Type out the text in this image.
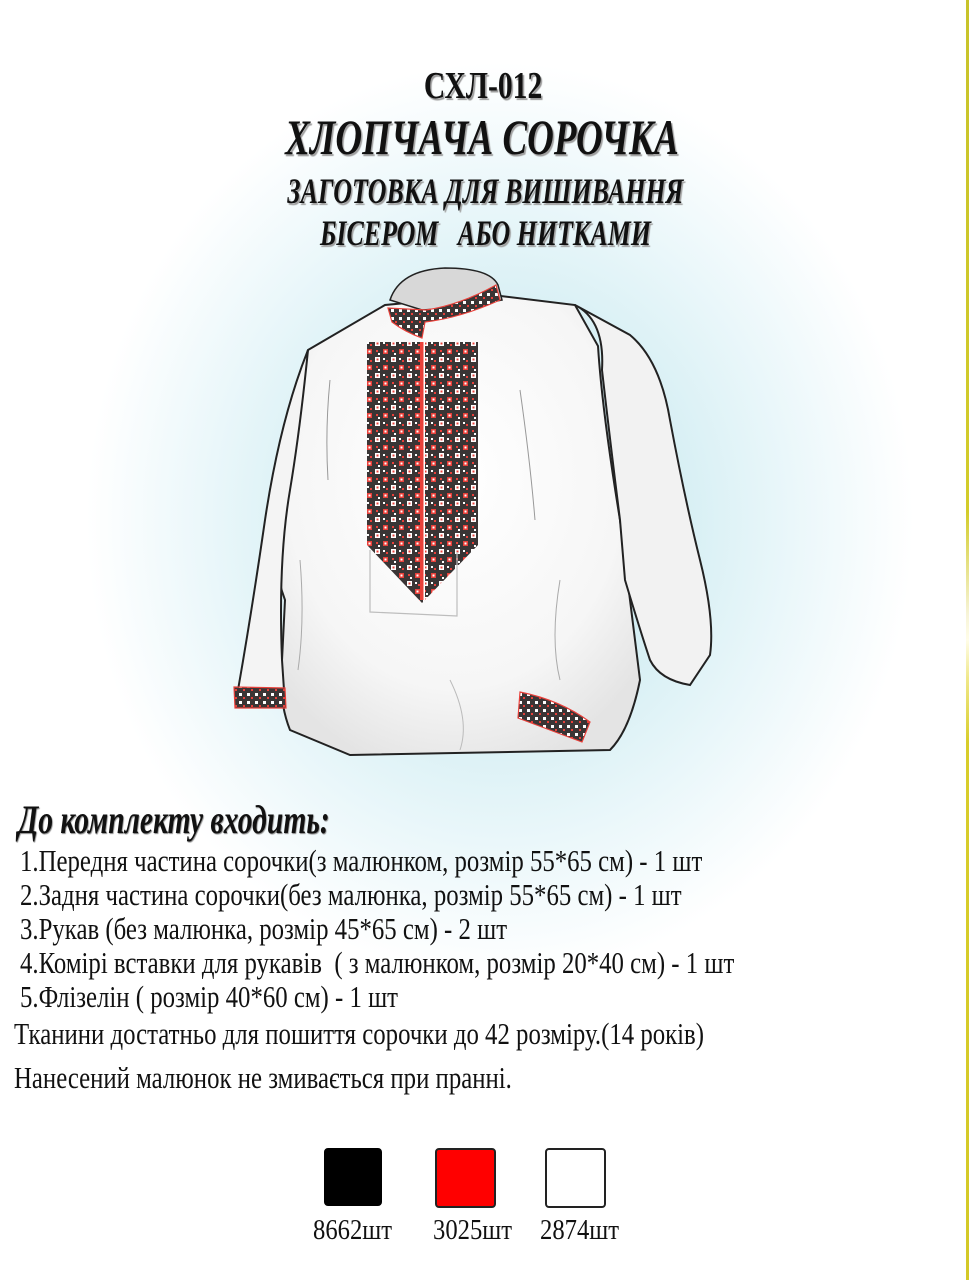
СХЛ-012
ХЛОПЧАЧА СОРОЧКА
ЗАГОТОВКА ДЛЯ ВИШИВАННЯ
БІСЕРОМ   АБО НИТКАМИ
До комплекту входить:
1.Передня частина сорочки(з малюнком, розмір 55*65 см) - 1 шт
2.Задня частина сорочки(без малюнка, розмір 55*65 см) - 1 шт
3.Рукав (без малюнка, розмір 45*65 см) - 2 шт
4.Комірі вставки для рукавів  ( з малюнком, розмір 20*40 см) - 1 шт
5.Флізелін ( розмір 40*60 см) - 1 шт
Тканини достатньо для пошиття сорочки до 42 розміру.(14 років)
Нанесений малюнок не змивається при пранні.
8662шт 3025шт 2874шт
